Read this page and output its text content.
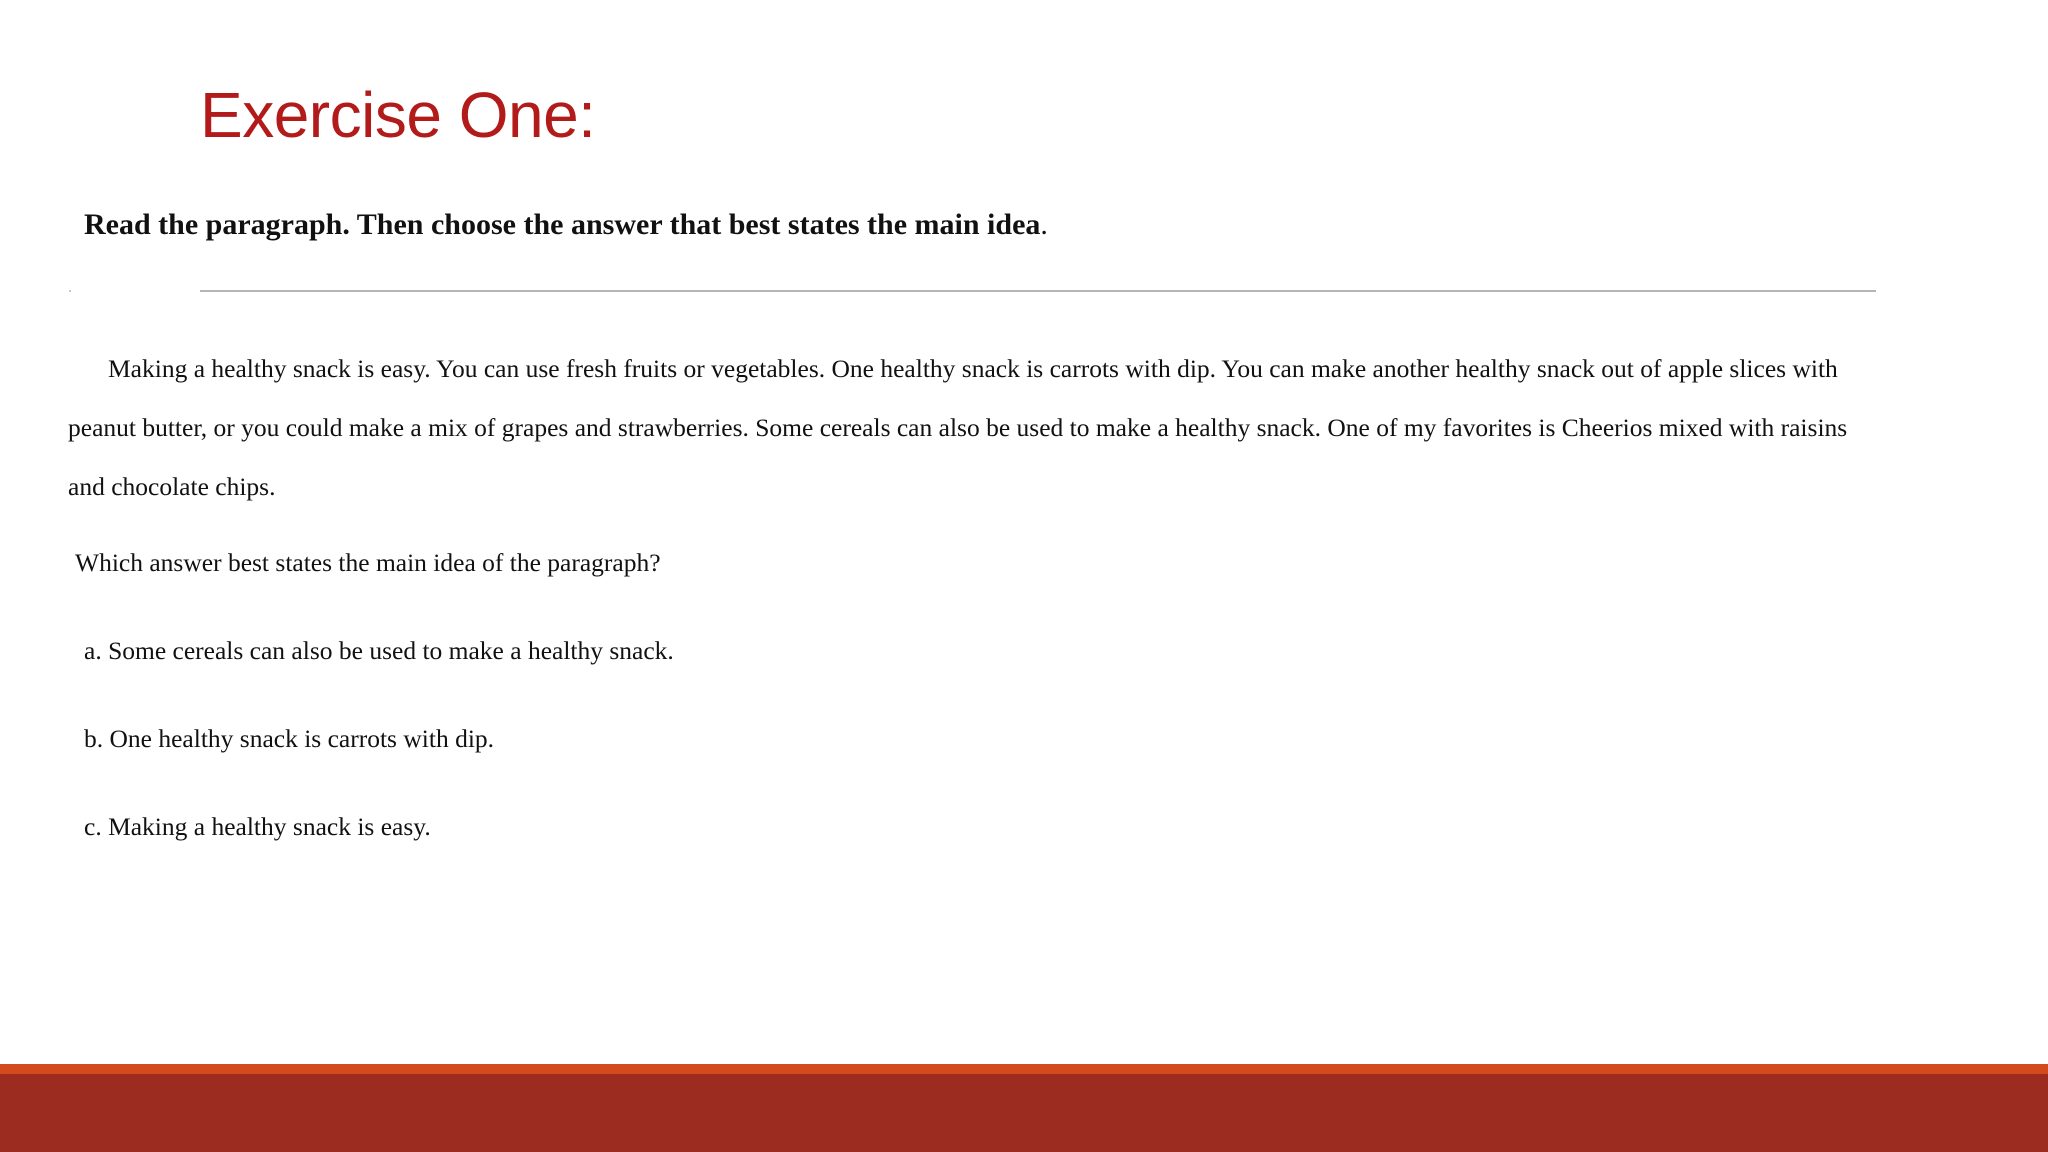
Exercise One:
Read the paragraph. Then choose the answer that best states the main idea.
Making a healthy snack is easy. You can use fresh fruits or vegetables. One healthy snack is carrots with dip. You can make another healthy snack out of apple slices with
peanut butter, or you could make a mix of grapes and strawberries. Some cereals can also be used to make a healthy snack. One of my favorites is Cheerios mixed with raisins
and chocolate chips.
Which answer best states the main idea of the paragraph?
a. Some cereals can also be used to make a healthy snack.
b. One healthy snack is carrots with dip.
c. Making a healthy snack is easy.
